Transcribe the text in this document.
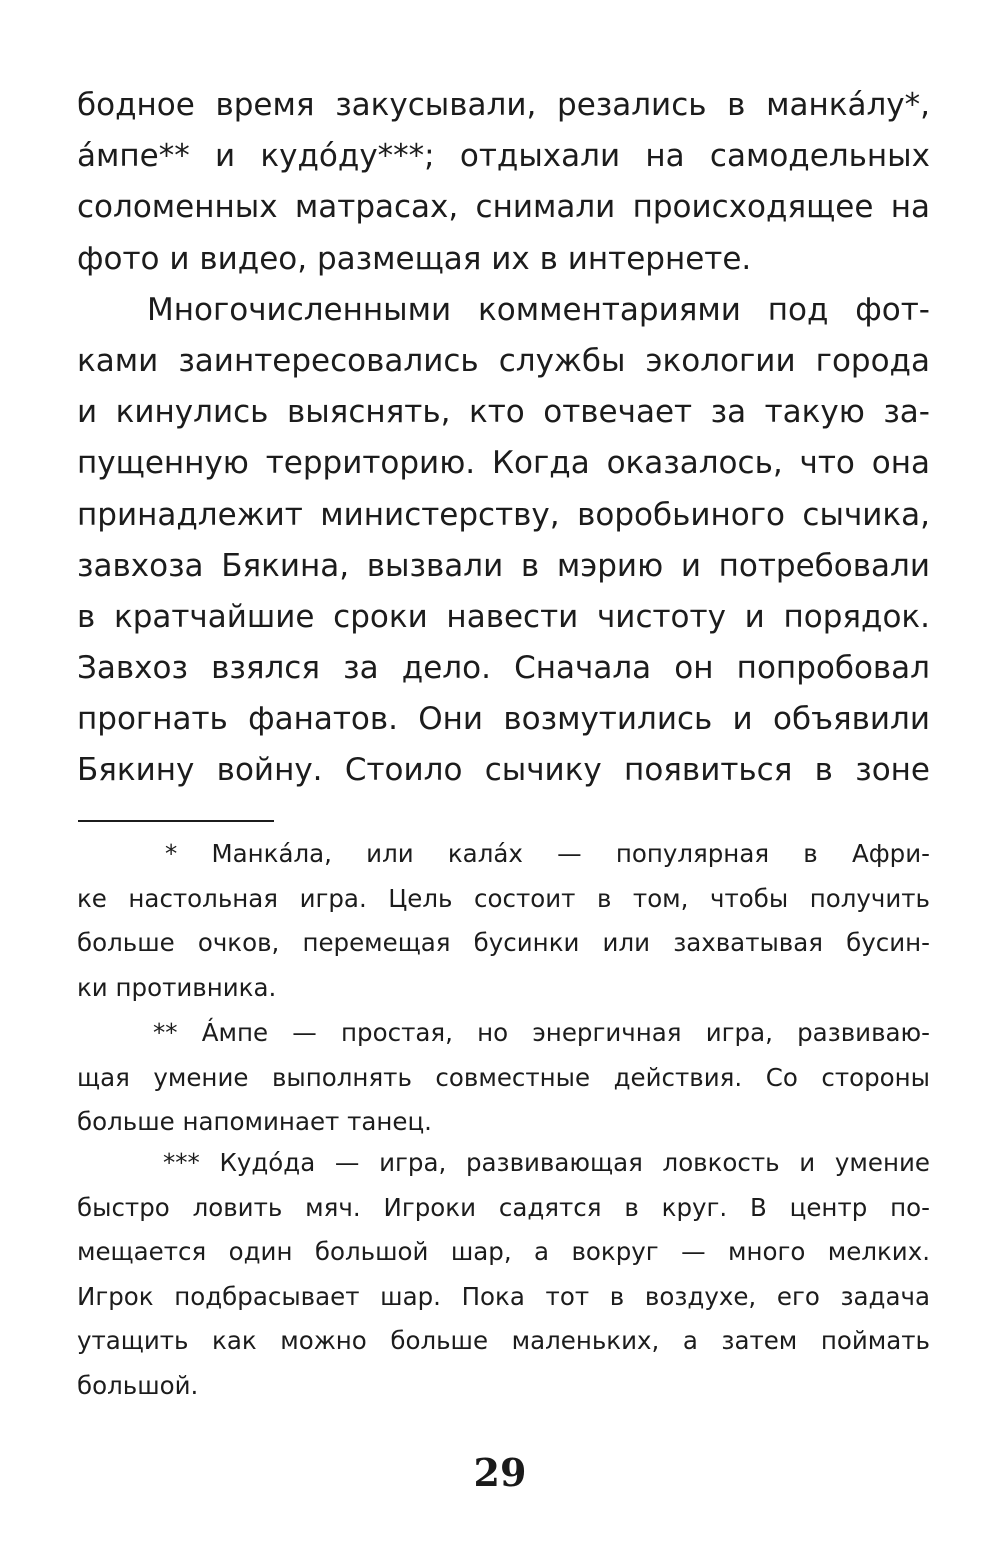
бодное время закусывали, резались в манкáлу*,
áмпе** и кудóду***; отдыхали на самодельных
соломенных матрасах, снимали происходящее на
фото и видео, размещая их в интернете.
Многочисленными комментариями под фот-
ками заинтересовались службы экологии города
и кинулись выяснять, кто отвечает за такую за-
пущенную территорию. Когда оказалось, что она
принадлежит министерству, воробьиного сычика,
завхоза Бякина, вызвали в мэрию и потребовали
в кратчайшие сроки навести чистоту и порядок.
Завхоз взялся за дело. Сначала он попробовал
прогнать фанатов. Они возмутились и объявили
Бякину войну. Стоило сычику появиться в зоне
* Манкáла, или калáх — популярная в Афри-
ке настольная игра. Цель состоит в том, чтобы получить
больше очков, перемещая бусинки или захватывая бусин-
ки противника.
** Áмпе — простая, но энергичная игра, развиваю-
щая умение выполнять совместные действия. Со стороны
больше напоминает танец.
*** Кудóда — игра, развивающая ловкость и умение
быстро ловить мяч. Игроки садятся в круг. В центр по-
мещается один большой шар, а вокруг — много мелких.
Игрок подбрасывает шар. Пока тот в воздухе, его задача
утащить как можно больше маленьких, а затем поймать
большой.
29
